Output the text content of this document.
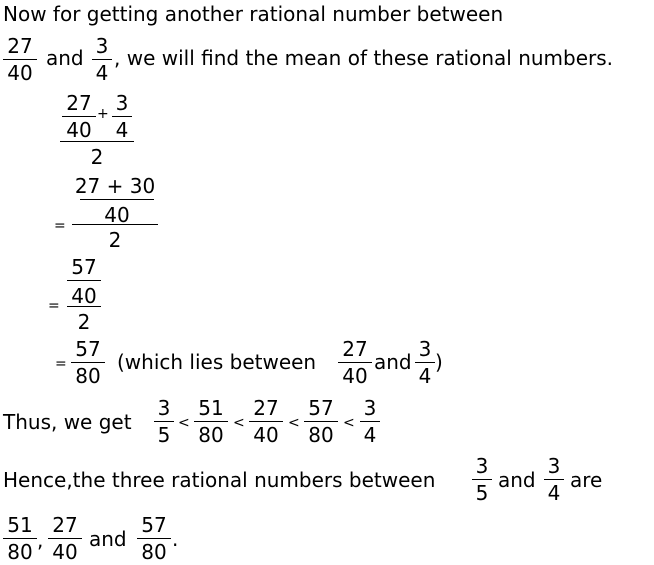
Now for getting another rational number between
27
40
and 3
4
, we will find the mean of these rational numbers.
27
40
+ 3
4
2
=
27 + 30
40
2
=
57
40
2
=
57
80
(which lies between
27
40
and
3
4
)
Thus, we get
3
5 <
51
80 <
27
40 <
57
80 <
3
4
Hence,the three rational numbers between
3
5
and
3
4
are
51
80 ,
27
40
and
57
80
.
